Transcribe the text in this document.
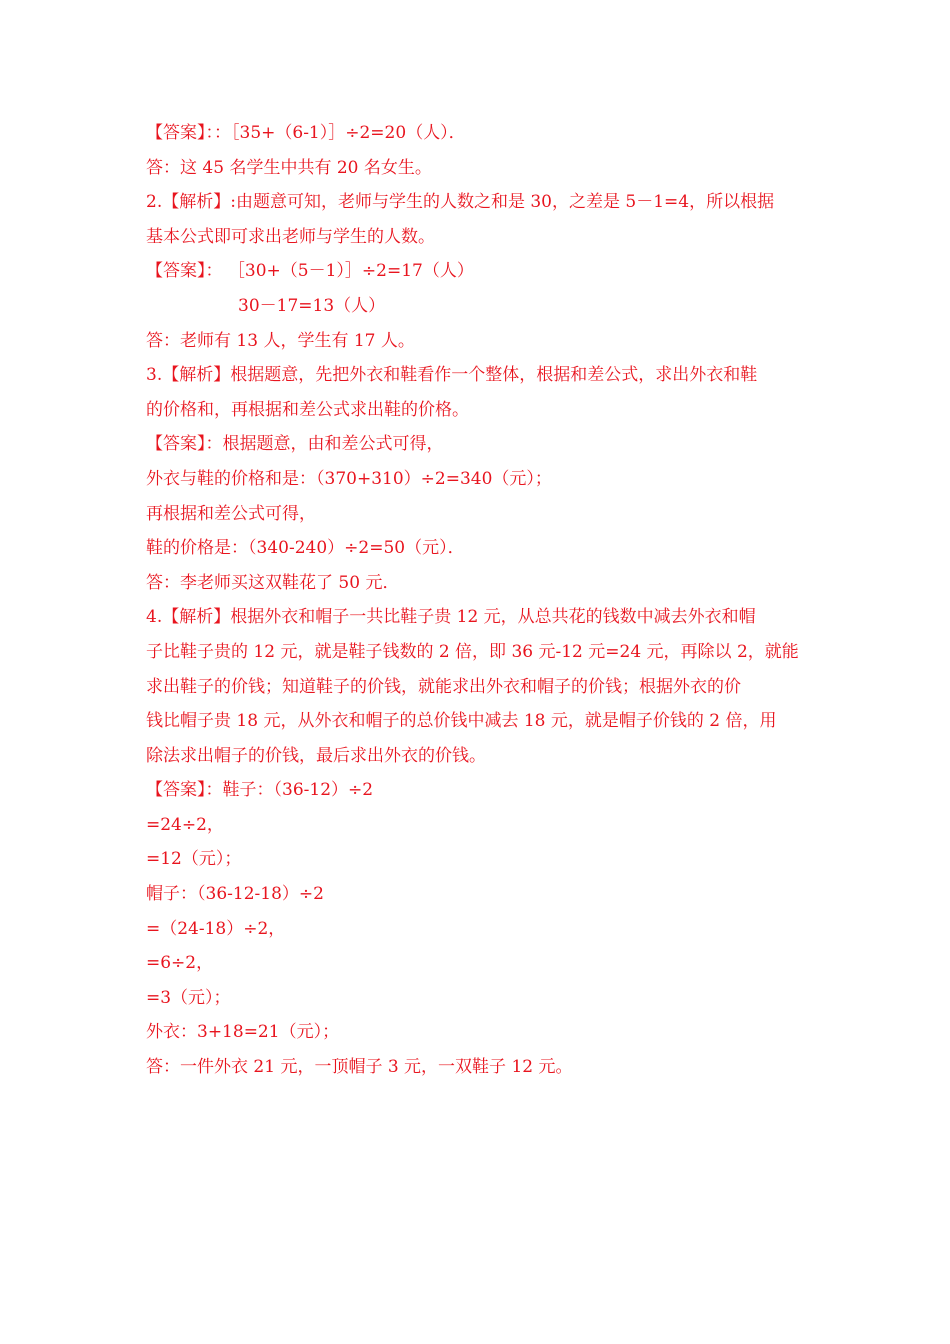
【答案】：：［35+（6-1）］÷2=20（人）．
答：这 45 名学生中共有 20 名女生。
2.【解析】:由题意可知，老师与学生的人数之和是 30，之差是 5－1=4，所以根据
基本公式即可求出老师与学生的人数。
【答案】： ［30+（5－1）］÷2=17（人）
30－17=13（人）
答：老师有 13 人，学生有 17 人。
3.【解析】根据题意，先把外衣和鞋看作一个整体，根据和差公式，求出外衣和鞋
的价格和，再根据和差公式求出鞋的价格。
【答案】：根据题意，由和差公式可得，
外衣与鞋的价格和是：（370+310）÷2=340（元）；
再根据和差公式可得，
鞋的价格是：（340-240）÷2=50（元）．
答：李老师买这双鞋花了 50 元．
4.【解析】根据外衣和帽子一共比鞋子贵 12 元，从总共花的钱数中减去外衣和帽
子比鞋子贵的 12 元，就是鞋子钱数的 2 倍，即 36 元-12 元=24 元，再除以 2，就能
求出鞋子的价钱；知道鞋子的价钱，就能求出外衣和帽子的价钱；根据外衣的价
钱比帽子贵 18 元，从外衣和帽子的总价钱中减去 18 元，就是帽子价钱的 2 倍，用
除法求出帽子的价钱，最后求出外衣的价钱。
【答案】：鞋子：（36-12）÷2
=24÷2，
=12（元）；
帽子：（36-12-18）÷2
=（24-18）÷2，
=6÷2，
=3（元）；
外衣：3+18=21（元）；
答：一件外衣 21 元，一顶帽子 3 元，一双鞋子 12 元。
